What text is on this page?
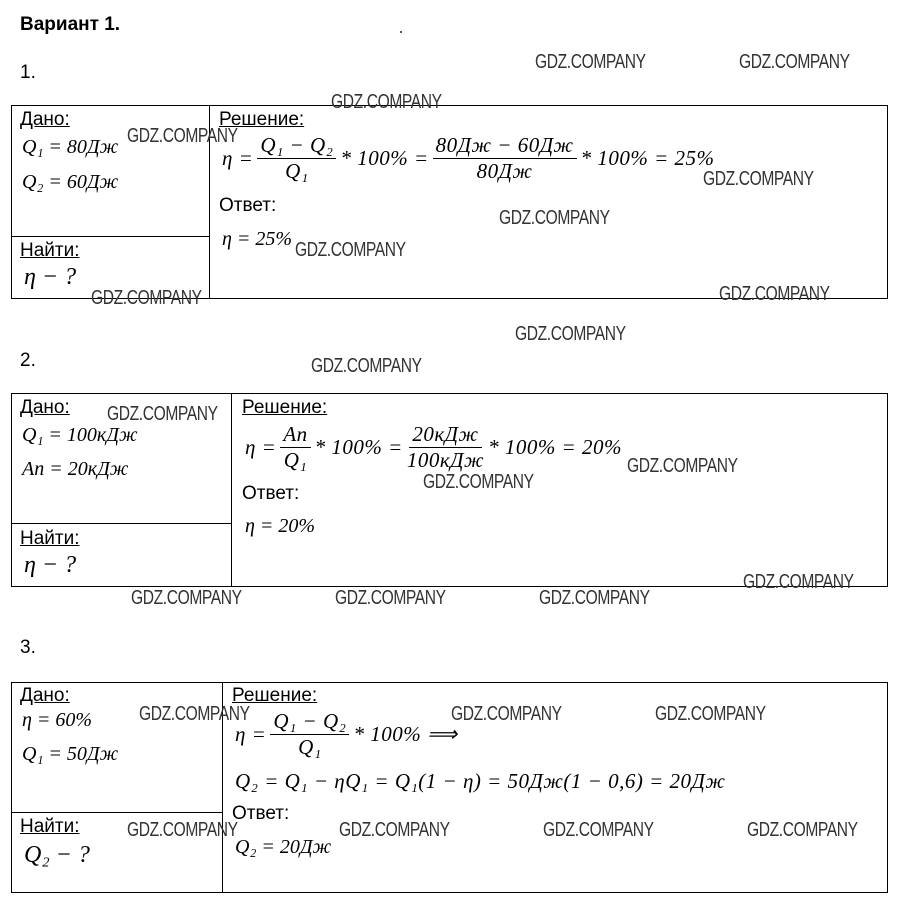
Вариант 1.
1.
Дано:
Q₁ = 80Дж
Q₂ = 60Дж
Найти:
η − ?
Решение:
$\eta = \frac{\text{Q₁ − Q₂}}{\text{Q₁}} * 100\% = \frac{80Дж - 60Дж}{80Дж} * 100\% = 25\%$
Ответ:
η = 25%
2.
Дано:
Q₁ = 100кДж
Aп = 20кДж
Найти:
η − ?
Решение:
$\eta = \frac{Aп}{\text{Q₁}} * 100\% = \frac{\text{20кДж}}{\text{100кДж}} * 100\% = 20\%$
Ответ:
η = 20%
3.
Дано:
η = 60%
Q₁ = 50Дж
Найти:
Q₂ − ?
Решение:
$\eta = \frac{\text{Q₁ − Q₂}}{\text{Q₁}} * 100\%$ ⟹
Q₂ = Q₁ − ηQ₁ = Q₁(1 − η) = 50Дж(1 − 0,6) = 20Дж
Ответ:
Q₂ = 20Дж
GDZ.COMPANY	GDZ.COMPANY
GDZ.COMPANY
GDZ.COMPANY
GDZ.COMPANY
GDZ.COMPANY
GDZ.COMPANY
GDZ.COMPANY	GDZ.COMPANY
GDZ.COMPANY
GDZ.COMPANY
GDZ.COMPANY
GDZ.COMPANY
GDZ.COMPANY
GDZ.COMPANY
GDZ.COMPANY	GDZ.COMPANY	GDZ.COMPANY
GDZ.COMPANY	GDZ.COMPANY	GDZ.COMPANY
GDZ.COMPANY	GDZ.COMPANY	GDZ.COMPANY	GDZ.COMPANY
